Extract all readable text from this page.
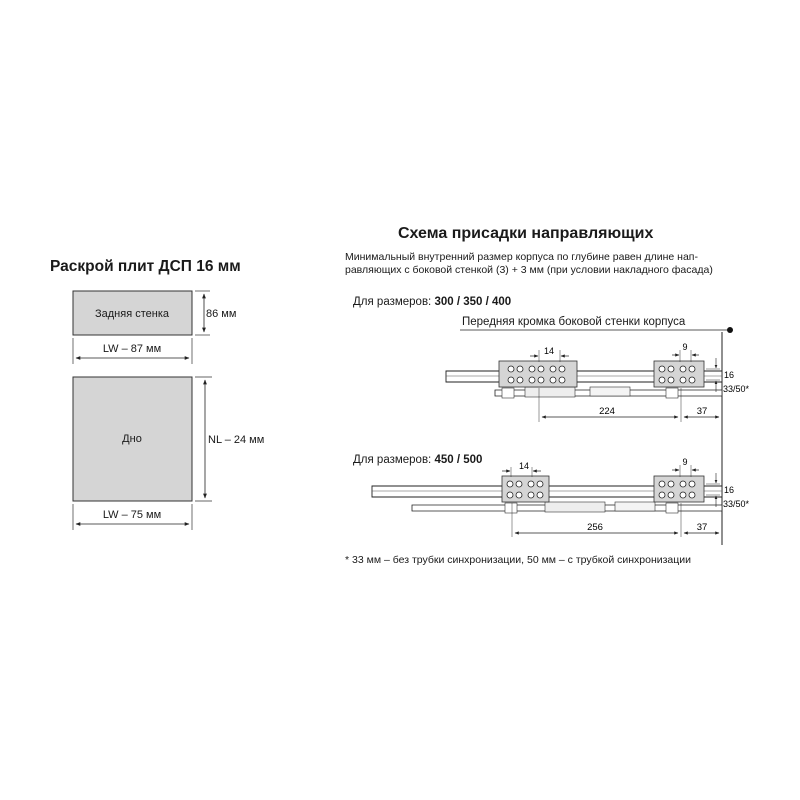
Раскрой плит ДСП 16 мм
Схема присадки направляющих
Минимальный внутренний размер корпуса по глубине равен длине нап-
равляющих с боковой стенкой (3) + 3 мм (при условии накладного фасада)
Для размеров: 300 / 350 / 400
Передняя кромка боковой стенки корпуса
Для размеров: 450 / 500
* 33 мм – без трубки синхронизации, 50 мм – с трубкой синхронизации
Задняя стенка	86 мм
LW – 87 мм
Дно	NL – 24 мм
LW – 75 мм
14	9
224	37
16
33/50*
14	9
256	37
16
33/50*
